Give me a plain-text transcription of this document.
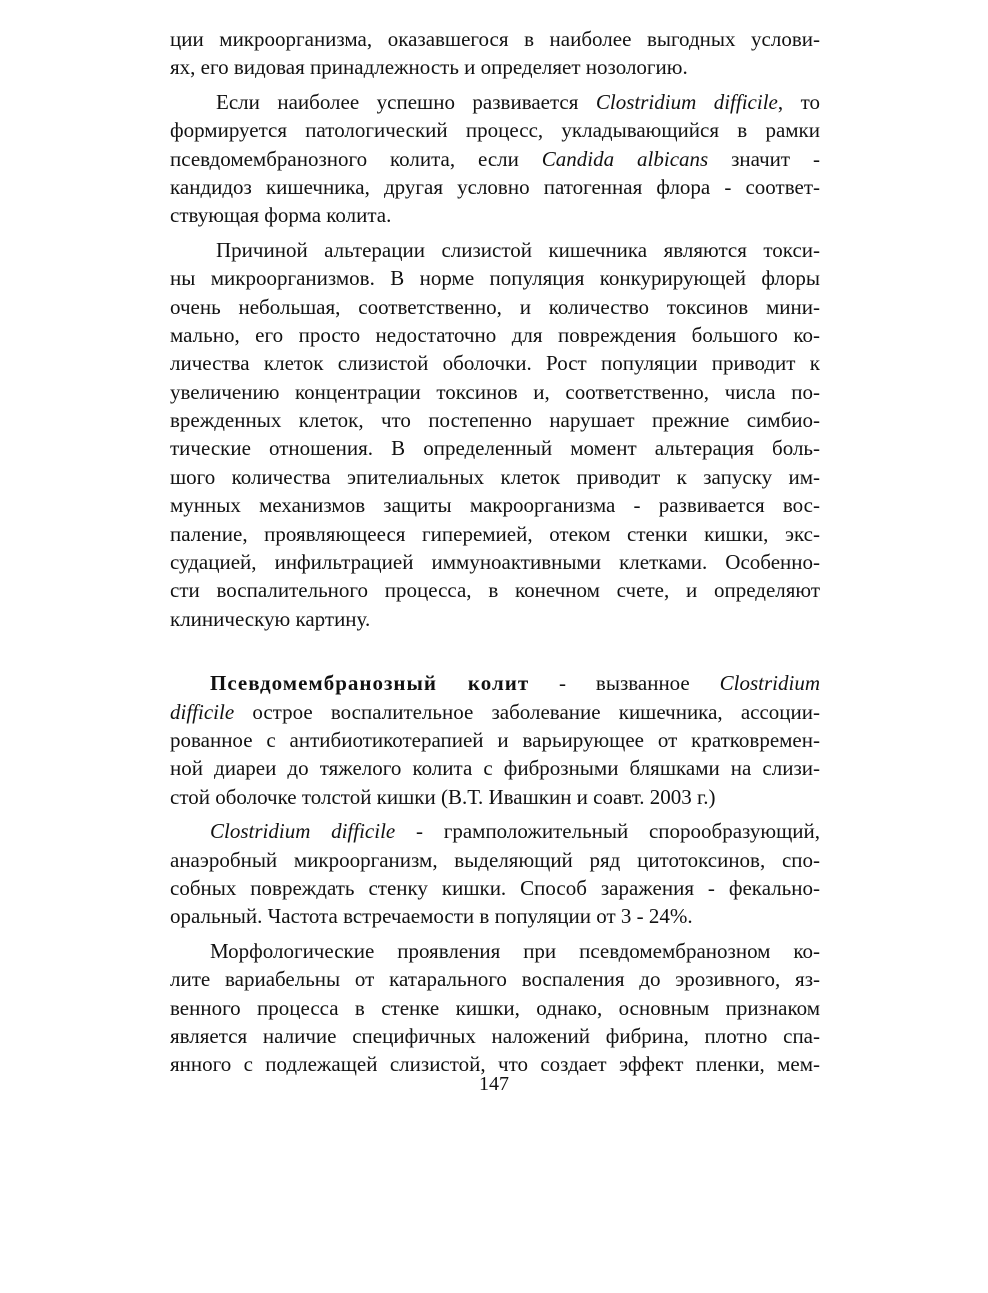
ции микроорганизма, оказавшегося в наиболее выгодных услови-
ях, его видовая принадлежность и определяет нозологию.
Если наиболее успешно развивается Clostridium difficile, то
формируется патологический процесс, укладывающийся в рамки
псевдомембранозного колита, если Candida albicans значит -
кандидоз кишечника, другая условно патогенная флора - соответ-
ствующая форма колита.
Причиной альтерации слизистой кишечника являются токси-
ны микроорганизмов. В норме популяция конкурирующей флоры
очень небольшая, соответственно, и количество токсинов мини-
мально, его просто недостаточно для повреждения большого ко-
личества клеток слизистой оболочки. Рост популяции приводит к
увеличению концентрации токсинов и, соответственно, числа по-
врежденных клеток, что постепенно нарушает прежние симбио-
тические отношения. В определенный момент альтерация боль-
шого количества эпителиальных клеток приводит к запуску им-
мунных механизмов защиты макроорганизма - развивается вос-
паление, проявляющееся гиперемией, отеком стенки кишки, экс-
судацией, инфильтрацией иммуноактивными клетками. Особенно-
сти воспалительного процесса, в конечном счете, и определяют
клиническую картину.
Псевдомембранозный колит - вызванное Clostridium
difficile острое воспалительное заболевание кишечника, ассоции-
рованное с антибиотикотерапией и варьирующее от кратковремен-
ной диареи дo тяжелого колита с фиброзными бляшками на слизи-
стой оболочке толстой кишки (В.Т. Ивашкин и соавт. 2003 г.)
Clostridium difficile - грамположительный спорообразующий,
анаэробный микроорганизм, выделяющий ряд цитотоксинов, спо-
собных повреждать стенку кишки. Способ заражения - фекально-
оральный. Частота встречаемости в популяции от 3 - 24%.
Морфологические проявления при псевдомембранозном ко-
лите вариабельны от катарального воспаления до эрозивного, яз-
венного процесса в стенке кишки, однако, основным признаком
является наличие специфичных наложений фибрина, плотно спа-
янного с подлежащей слизистой, что создает эффект пленки, мем-
147
